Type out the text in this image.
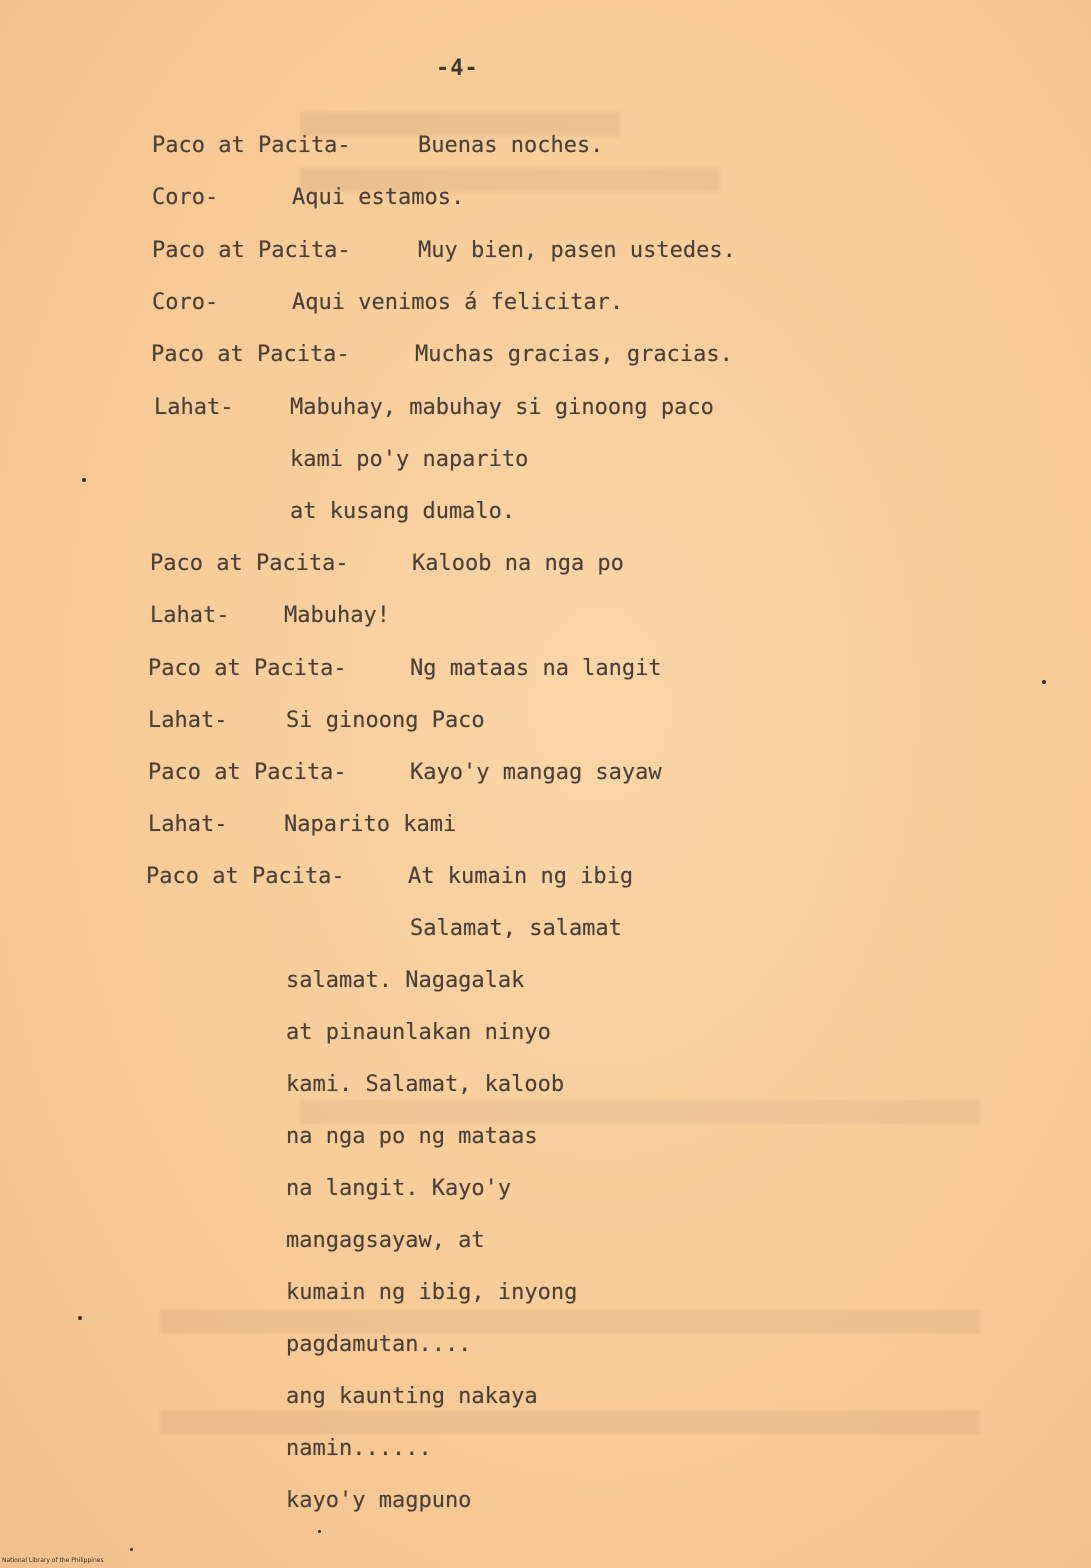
-4-
Paco at Pacita-	Buenas noches.
Coro-	Aqui estamos.
Paco at Pacita-	Muy bien, pasen ustedes.
Coro-	Aqui venimos á felicitar.
Paco at Pacita-	Muchas gracias, gracias.
Lahat-	Mabuhay, mabuhay si ginoong paco
kami po'y naparito
at kusang dumalo.
Paco at Pacita-	Kaloob na nga po
Lahat- Mabuhay!
Paco at Pacita-	Ng mataas na langit
Lahat-	Si ginoong Paco
Paco at Pacita-	Kayo'y mangag sayaw
Lahat-	Naparito kami
Paco at Pacita-	At kumain ng ibig
Salamat, salamat
salamat. Nagagalak
at pinaunlakan ninyo
kami. Salamat, kaloob
na nga po ng mataas
na langit. Kayo'y
mangagsayaw, at
kumain ng ibig, inyong
pagdamutan....
ang kaunting nakaya
namin......
kayo'y magpuno
National Library of the Philippines
